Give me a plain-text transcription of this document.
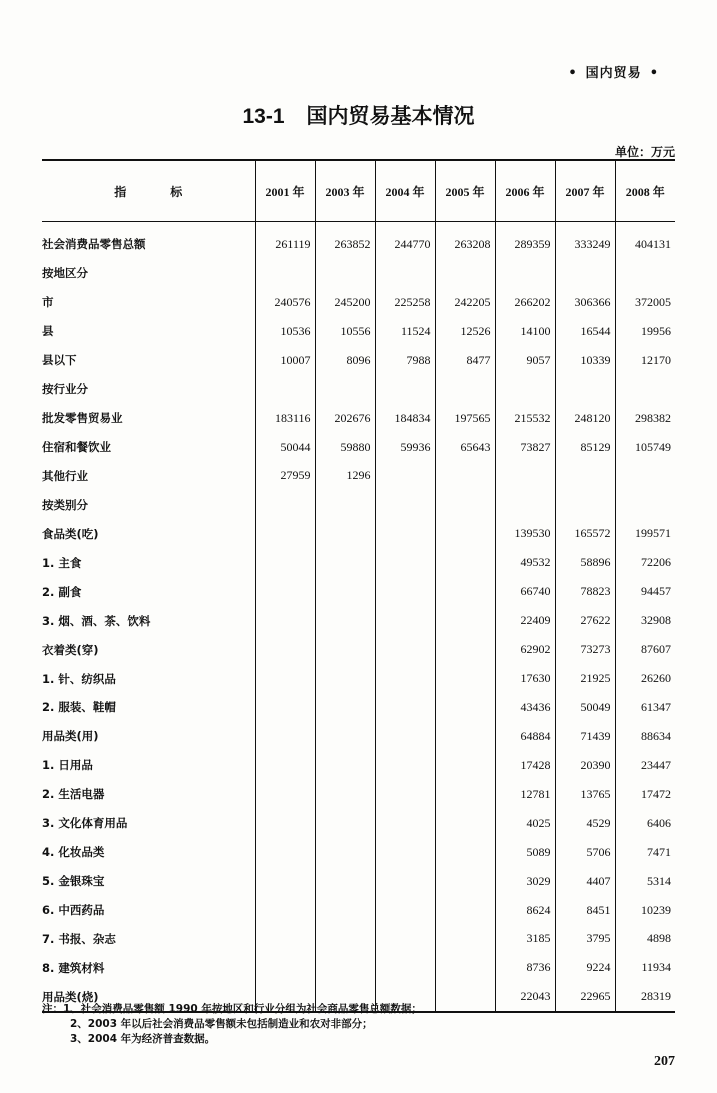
• 国内贸易 •
13-1 国内贸易基本情况
单位：万元
指标	2001 年	2003 年	2004 年	2005 年	2006 年	2007 年	2008 年
社会消费品零售总额	261119	263852	244770	263208	289359	333249	404131
按地区分							
市	240576	245200	225258	242205	266202	306366	372005
县	10536	10556	11524	12526	14100	16544	19956
县以下	10007	8096	7988	8477	9057	10339	12170
按行业分							
批发零售贸易业	183116	202676	184834	197565	215532	248120	298382
住宿和餐饮业	50044	59880	59936	65643	73827	85129	105749
其他行业	27959	1296					
按类别分							
食品类(吃)					139530	165572	199571
1. 主食					49532	58896	72206
2. 副食					66740	78823	94457
3. 烟、酒、茶、饮料					22409	27622	32908
衣着类(穿)					62902	73273	87607
1. 针、纺织品					17630	21925	26260
2. 服装、鞋帽					43436	50049	61347
用品类(用)					64884	71439	88634
1. 日用品					17428	20390	23447
2. 生活电器					12781	13765	17472
3. 文化体育用品					4025	4529	6406
4. 化妆品类					5089	5706	7471
5. 金银珠宝					3029	4407	5314
6. 中西药品					8624	8451	10239
7. 书报、杂志					3185	3795	4898
8. 建筑材料					8736	9224	11934
用品类(烧)					22043	22965	28319
注：1、社会消费品零售额 1990 年按地区和行业分组为社会商品零售总额数据；
2、2003 年以后社会消费品零售额未包括制造业和农对非部分；
3、2004 年为经济普查数据。
207
